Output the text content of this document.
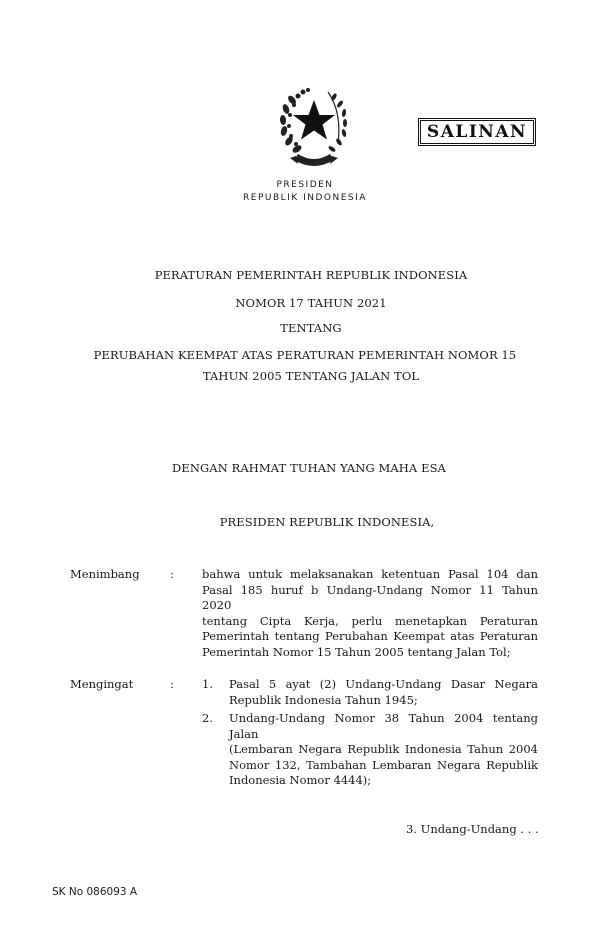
SALINAN
PRESIDEN
REPUBLIK INDONESIA
PERATURAN PEMERINTAH REPUBLIK INDONESIA
NOMOR 17 TAHUN 2021
TENTANG
PERUBAHAN KEEMPAT ATAS PERATURAN PEMERINTAH NOMOR 15
TAHUN 2005 TENTANG JALAN TOL
DENGAN RAHMAT TUHAN YANG MAHA ESA
PRESIDEN REPUBLIK INDONESIA,
Menimbang	: bahwa untuk melaksanakan ketentuan Pasal 104 dan
Pasal 185 huruf b Undang-Undang Nomor 11 Tahun 2020
tentang Cipta Kerja, perlu menetapkan Peraturan
Pemerintah tentang Perubahan Keempat atas Peraturan
Pemerintah Nomor 15 Tahun 2005 tentang Jalan Tol;
Mengingat	: 1. Pasal 5 ayat (2) Undang-Undang Dasar Negara
Republik Indonesia Tahun 1945;
2. Undang-Undang Nomor 38 Tahun 2004 tentang Jalan
(Lembaran Negara Republik Indonesia Tahun 2004
Nomor 132, Tambahan Lembaran Negara Republik
Indonesia Nomor 4444);
3. Undang-Undang . . .
SK No 086093 A
